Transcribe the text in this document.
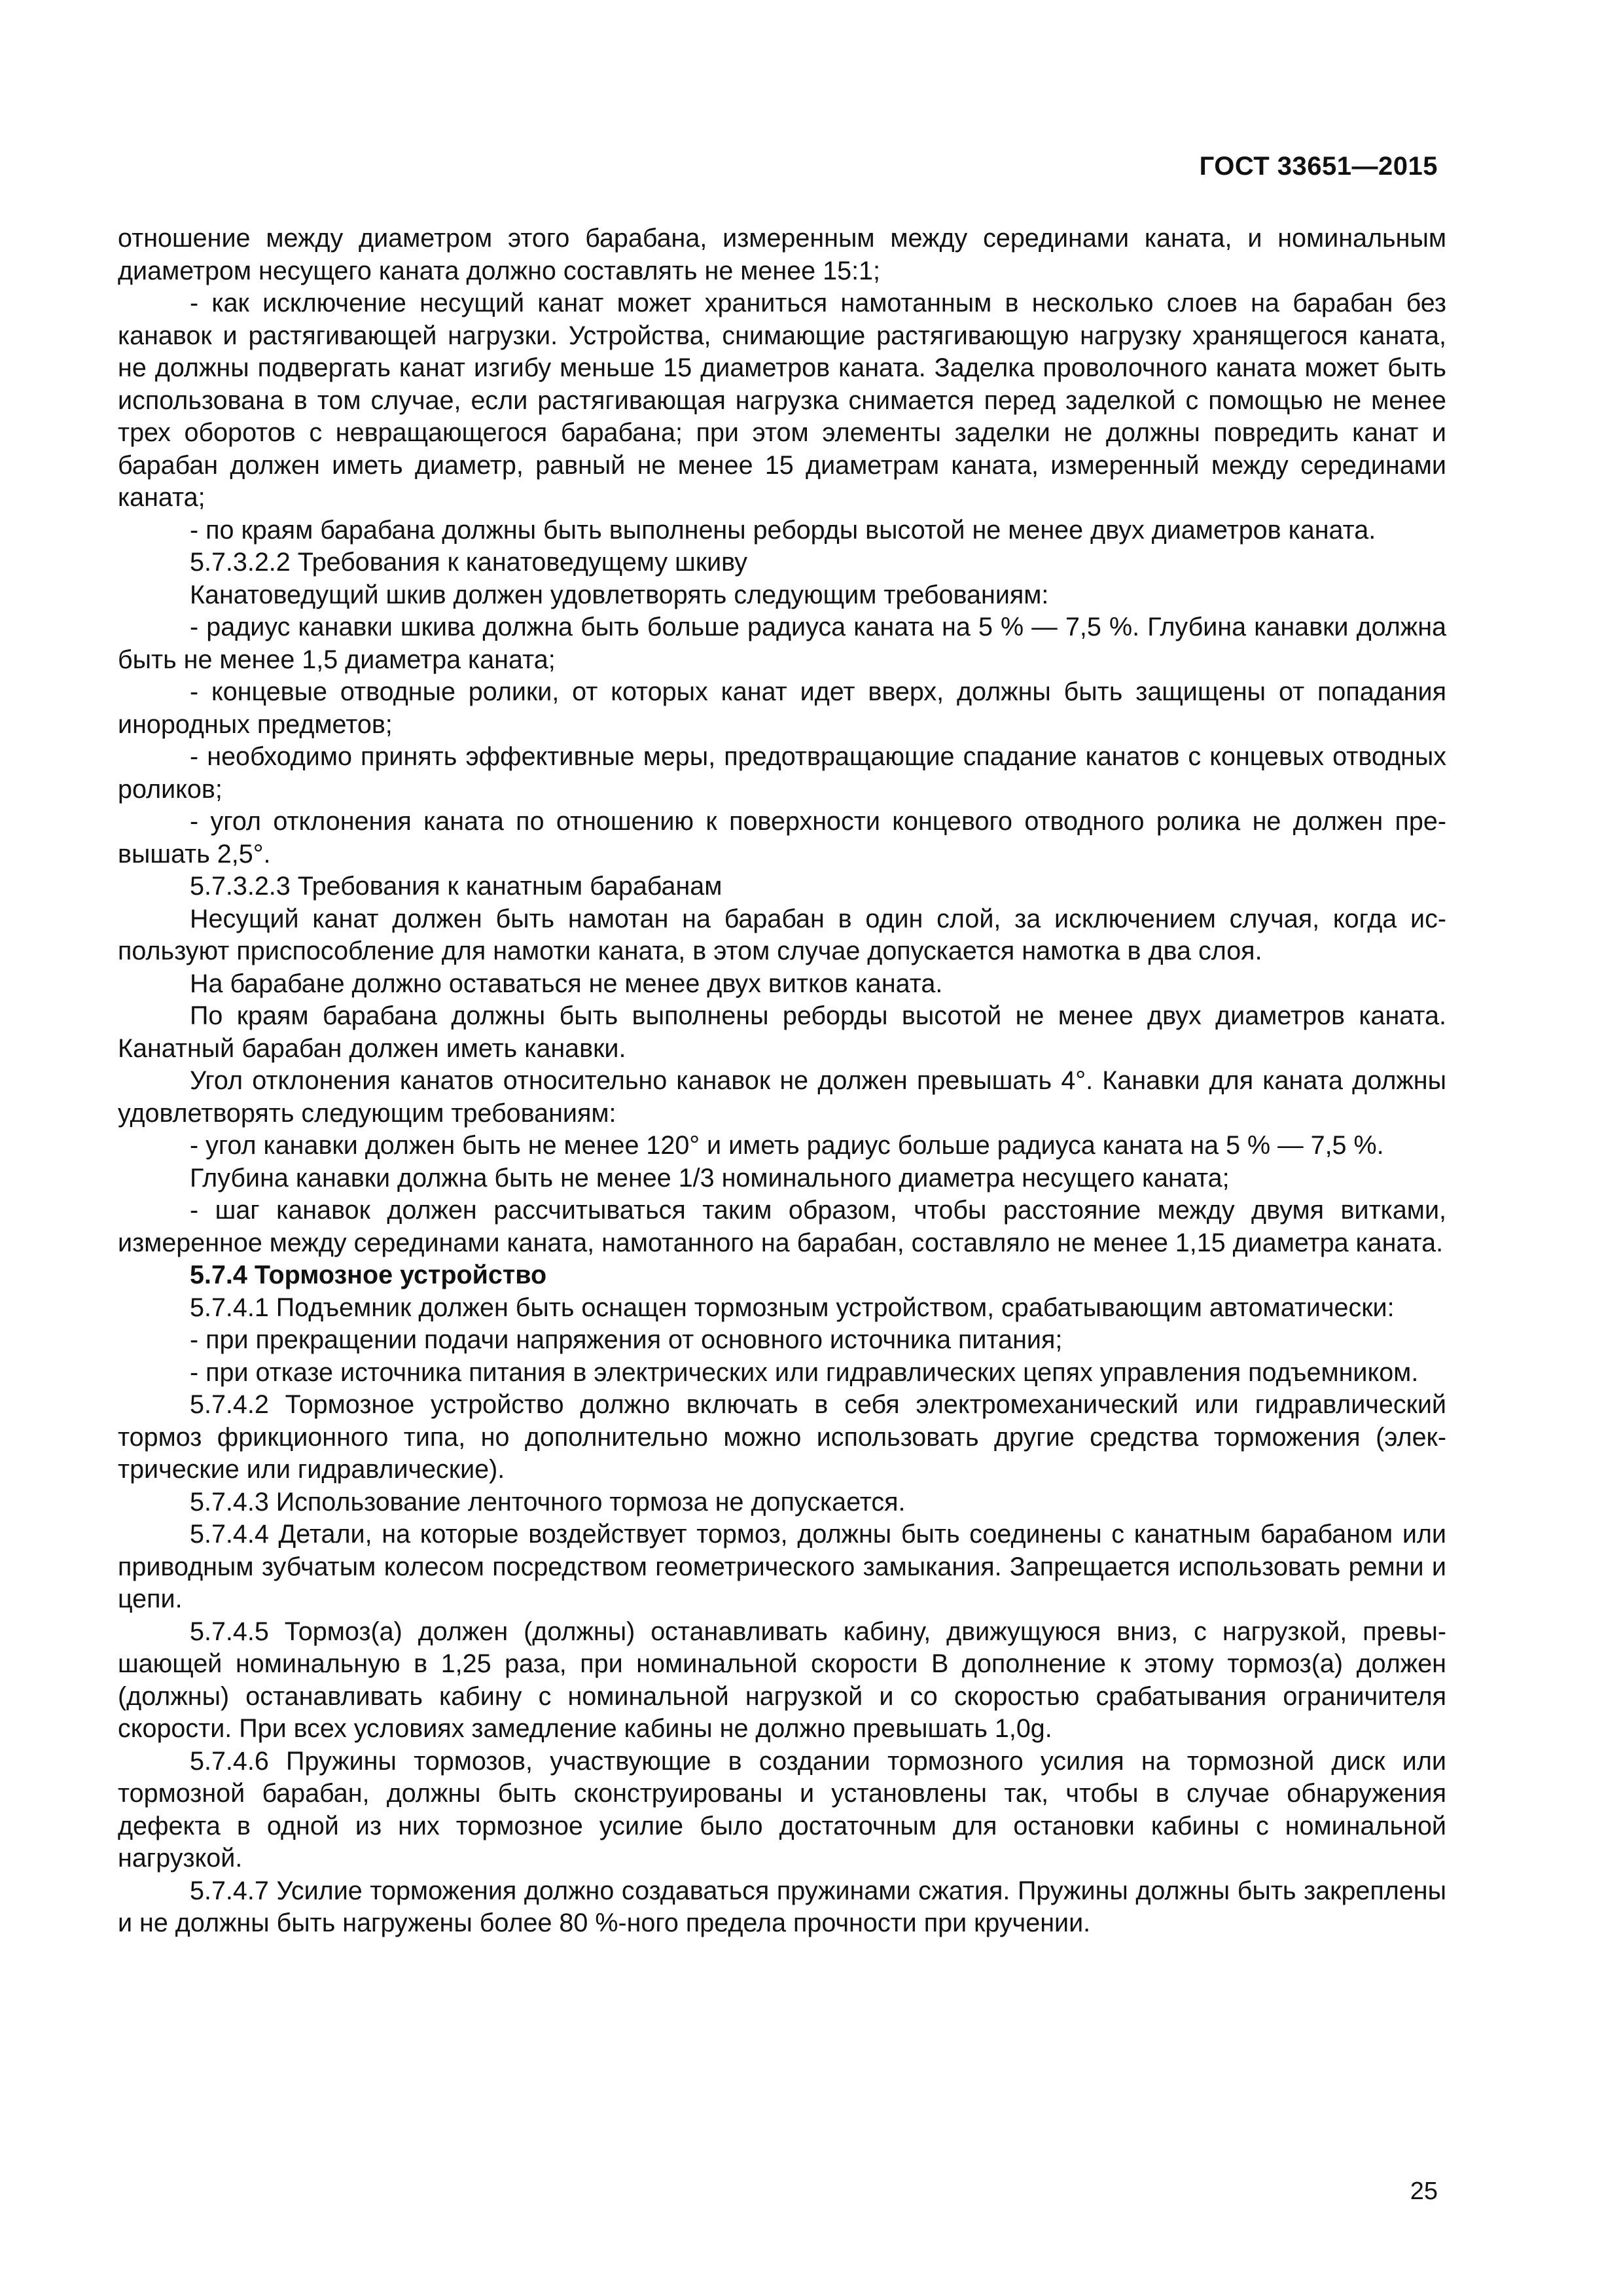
ГОСТ 33651—2015

отношение между диаметром этого барабана, измеренным между серединами каната, и номинальным диаметром несущего каната должно составлять не менее 15:1;

- как исключение несущий канат может храниться намотанным в несколько слоев на барабан без канавок и растягивающей нагрузки. Устройства, снимающие растягивающую нагрузку хранящегося каната, не должны подвергать канат изгибу меньше 15 диаметров каната. Заделка проволочного каната может быть использована в том случае, если растягивающая нагрузка снимается перед заделкой с помощью не менее трех оборотов с невращающегося барабана; при этом элементы заделки не должны повредить канат и барабан должен иметь диаметр, равный не менее 15 диаметрам каната, измеренный между серединами каната;

- по краям барабана должны быть выполнены реборды высотой не менее двух диаметров каната.

5.7.3.2.2 Требования к канатоведущему шкиву

Канатоведущий шкив должен удовлетворять следующим требованиям:

- радиус канавки шкива должна быть больше радиуса каната на 5 % — 7,5 %. Глубина канавки должна быть не менее 1,5 диаметра каната;

- концевые отводные ролики, от которых канат идет вверх, должны быть защищены от попадания инородных предметов;

- необходимо принять эффективные меры, предотвращающие спадание канатов с концевых отводных роликов;

- угол отклонения каната по отношению к поверхности концевого отводного ролика не должен превышать 2,5°.

5.7.3.2.3 Требования к канатным барабанам

Несущий канат должен быть намотан на барабан в один слой, за исключением случая, когда используют приспособление для намотки каната, в этом случае допускается намотка в два слоя.

На барабане должно оставаться не менее двух витков каната.

По краям барабана должны быть выполнены реборды высотой не менее двух диаметров каната. Канатный барабан должен иметь канавки.

Угол отклонения канатов относительно канавок не должен превышать 4°. Канавки для каната должны удовлетворять следующим требованиям:

- угол канавки должен быть не менее 120° и иметь радиус больше радиуса каната на 5 % — 7,5 %.

Глубина канавки должна быть не менее 1/3 номинального диаметра несущего каната;

- шаг канавок должен рассчитываться таким образом, чтобы расстояние между двумя витками, измеренное между серединами каната, намотанного на барабан, составляло не менее 1,15 диаметра каната.

5.7.4 Тормозное устройство

5.7.4.1 Подъемник должен быть оснащен тормозным устройством, срабатывающим автоматически:

- при прекращении подачи напряжения от основного источника питания;

- при отказе источника питания в электрических или гидравлических цепях управления подъемником.

5.7.4.2 Тормозное устройство должно включать в себя электромеханический или гидравлический тормоз фрикционного типа, но дополнительно можно использовать другие средства торможения (электрические или гидравлические).

5.7.4.3 Использование ленточного тормоза не допускается.

5.7.4.4 Детали, на которые воздействует тормоз, должны быть соединены с канатным барабаном или приводным зубчатым колесом посредством геометрического замыкания. Запрещается использовать ремни и цепи.

5.7.4.5 Тормоз(а) должен (должны) останавливать кабину, движущуюся вниз, с нагрузкой, превышающей номинальную в 1,25 раза, при номинальной скорости В дополнение к этому тормоз(а) должен (должны) останавливать кабину с номинальной нагрузкой и со скоростью срабатывания ограничителя скорости. При всех условиях замедление кабины не должно превышать 1,0g.

5.7.4.6 Пружины тормозов, участвующие в создании тормозного усилия на тормозной диск или тормозной барабан, должны быть сконструированы и установлены так, чтобы в случае обнаружения дефекта в одной из них тормозное усилие было достаточным для остановки кабины с номинальной нагрузкой.

5.7.4.7 Усилие торможения должно создаваться пружинами сжатия. Пружины должны быть закреплены и не должны быть нагружены более 80 %-ного предела прочности при кручении.

25
